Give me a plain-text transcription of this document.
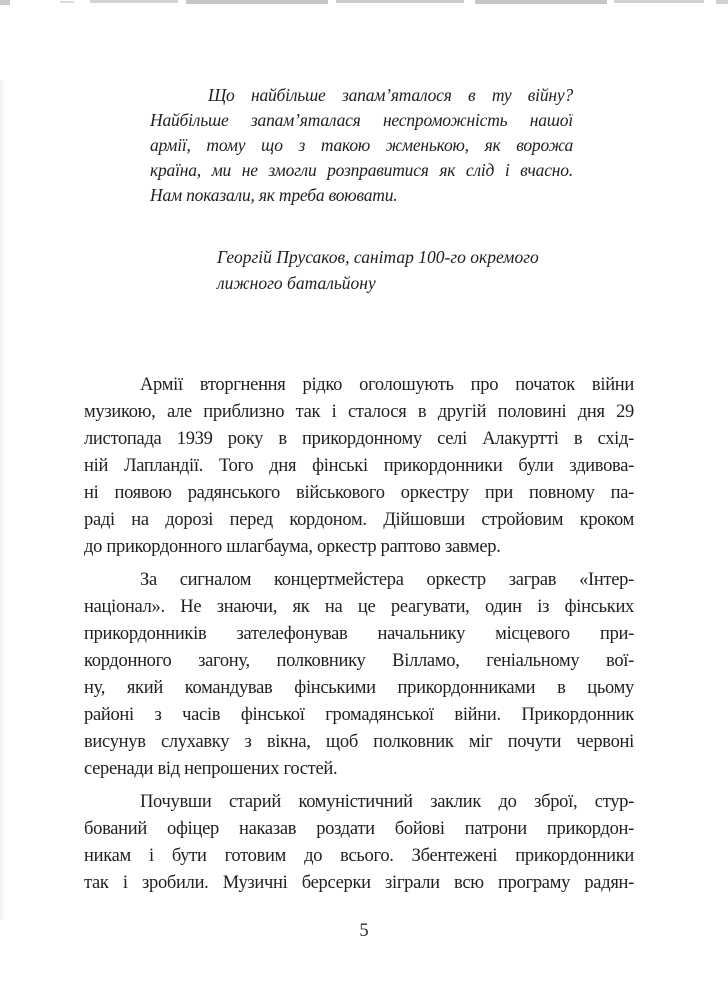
Що найбільше запам’яталося в ту війну?
Найбільше запам’яталася неспроможність нашої
армії, тому що з такою жменькою, як ворожа
країна, ми не змогли розправитися як слід і вчасно.
Нам показали, як треба воювати.
Георгій Прусаков, санітар 100-го окремого
лижного батальйону
Армії вторгнення рідко оголошують про початок війни
музикою, але приблизно так і сталося в другій половині дня 29
листопада 1939 року в прикордонному селі Алакуртті в схід-
ній Лапландії. Того дня фінські прикордонники були здивова-
ні появою радянського військового оркестру при повному па-
раді на дорозі перед кордоном. Дійшовши стройовим кроком
до прикордонного шлагбаума, оркестр раптово завмер.
За сигналом концертмейстера оркестр заграв «Інтер-
націонал». Не знаючи, як на це реагувати, один із фінських
прикордонників зателефонував начальнику місцевого при-
кордонного загону, полковнику Вілламо, геніальному вої-
ну, який командував фінськими прикордонниками в цьому
районі з часів фінської громадянської війни. Прикордонник
висунув слухавку з вікна, щоб полковник міг почути червоні
серенади від непрошених гостей.
Почувши старий комуністичний заклик до зброї, стур-
бований офіцер наказав роздати бойові патрони прикордон-
никам і бути готовим до всього. Збентежені прикордонники
так і зробили. Музичні берсерки зіграли всю програму радян-
5
